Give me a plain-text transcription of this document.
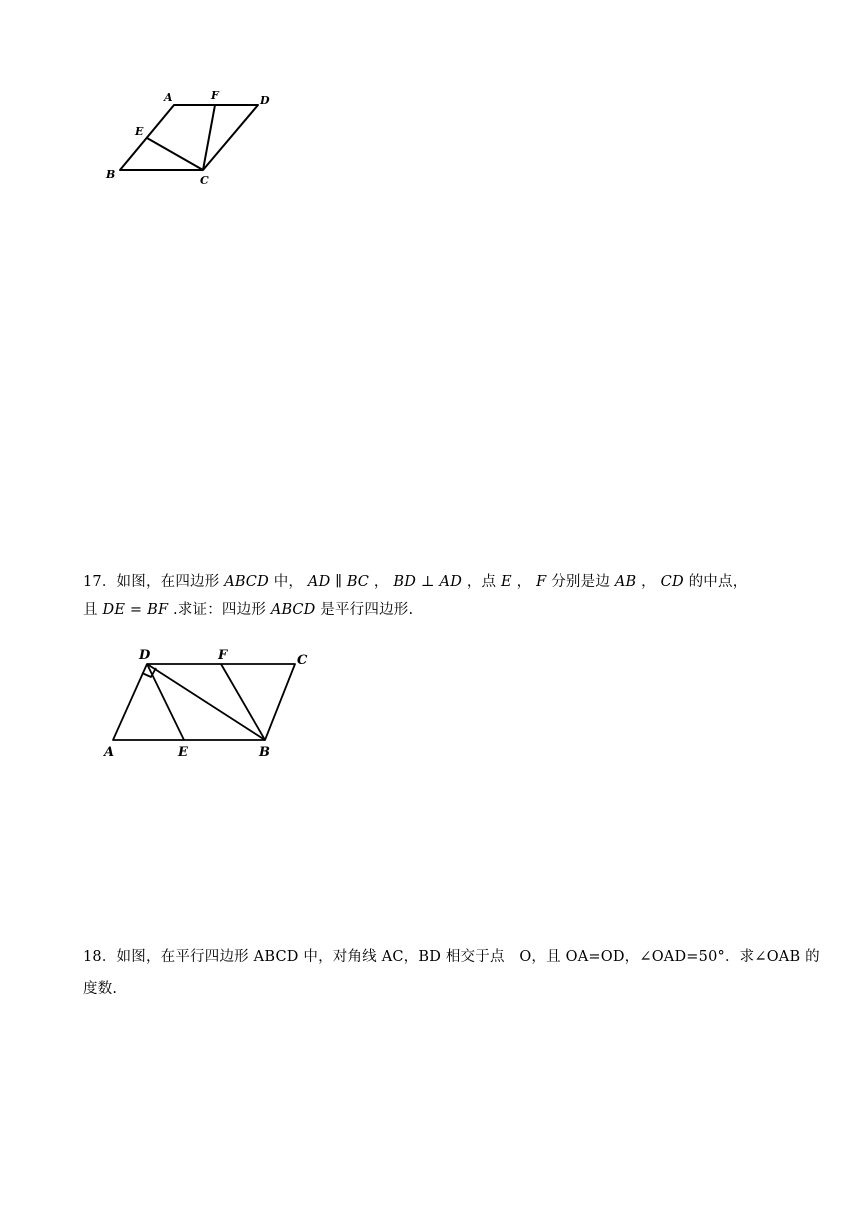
A	F	D
E
B	C
17．如图，在四边形 𝐴𝐵𝐶𝐷 中， 𝐴𝐷 ∥ 𝐵𝐶 ， 𝐵𝐷 ⊥ 𝐴𝐷 ，点 𝐸 ， 𝐹 分别是边 𝐴𝐵 ， 𝐶𝐷 的中点，
且 𝐷𝐸 = 𝐵𝐹 .求证：四边形 𝐴𝐵𝐶𝐷 是平行四边形.
D	F	C
A	E	B
18．如图，在平行四边形 ABCD 中，对角线 AC，BD 相交于点　O，且 OA=OD，∠OAD=50°．求∠OAB 的
度数.
